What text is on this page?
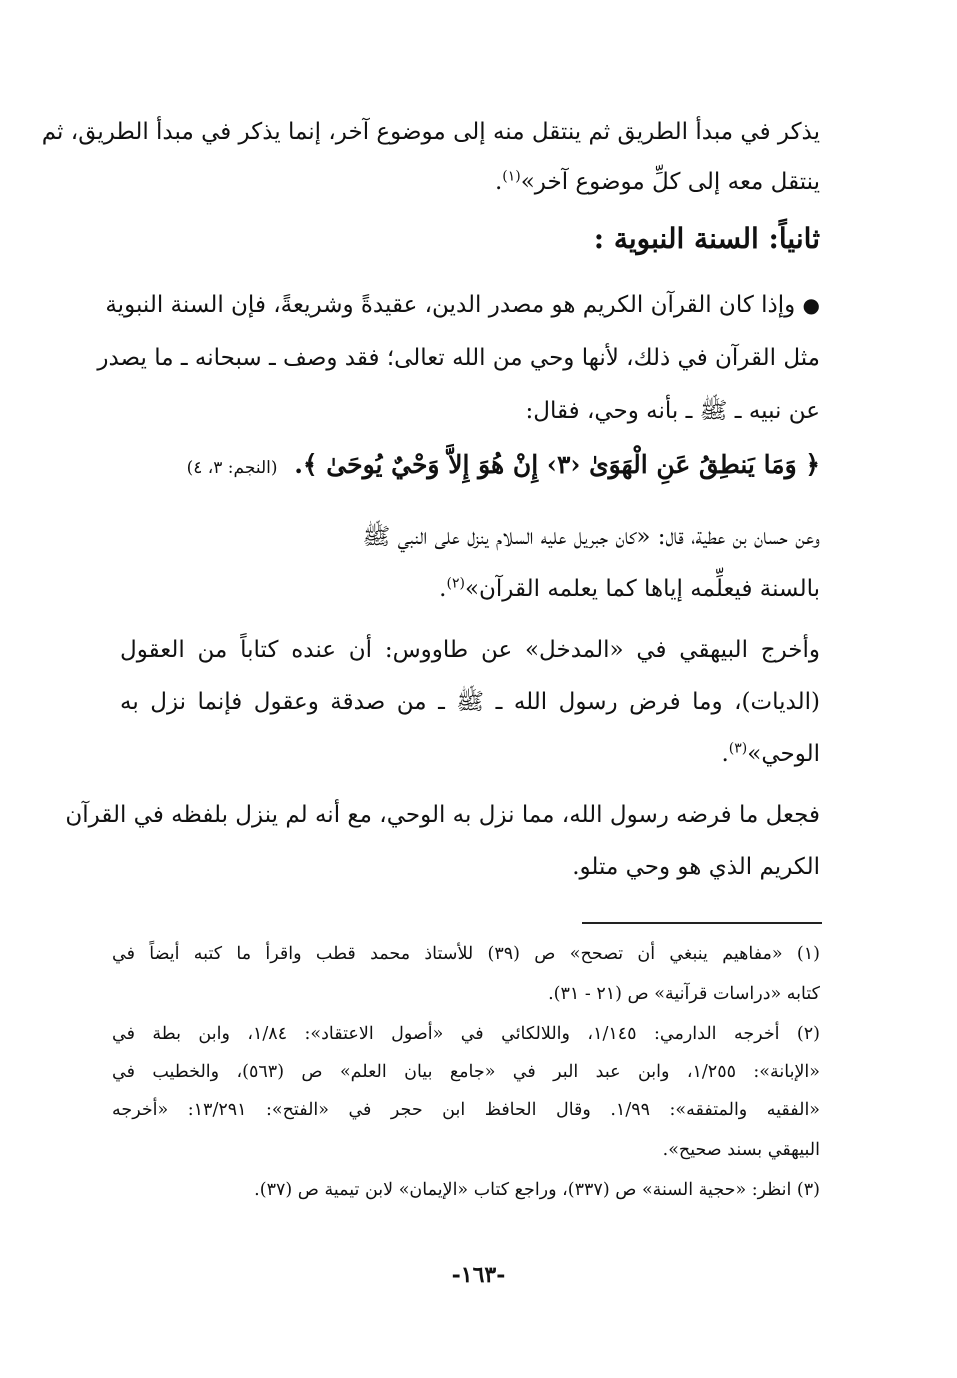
يذكر في مبدأ الطريق ثم ينتقل منه إلى موضوع آخر، إنما يذكر في مبدأ الطريق، ثم
ينتقل معه إلى كلِّ موضوع آخر»$^{(١)}$.
ثانياً: السنة النبوية :
● وإذا كان القرآن الكريم هو مصدر الدين، عقيدةً وشريعةً، فإن السنة النبوية
مثل القرآن في ذلك، لأنها وحي من الله تعالى؛ فقد وصف ـ سبحانه ـ ما يصدر
عن نبيه ـ ﷺ ـ بأنه وحي، فقال:
﴿ وَمَا يَنطِقُ عَنِ الْهَوَىٰ ‹٣› إِنْ هُوَ إِلاَّ وَحْيٌ يُوحَىٰ ﴾. (النجم: ٣، ٤)
وعن حسان بن عطية، قال: «كان جبريل عليه السلام ينزل على النبي ﷺ
بالسنة فيعلِّمه إياها كما يعلمه القرآن»$^{(٢)}$.
وأخرج البيهقي في «المدخل» عن طاووس: أن عنده كتاباً من العقول
(الديات)، وما فرض رسول الله ـ ﷺ ـ من صدقة وعقول فإنما نزل به
الوحي»$^{(٣)}$.
فجعل ما فرضه رسول الله، مما نزل به الوحي، مع أنه لم ينزل بلفظه في القرآن
الكريم الذي هو وحي متلو.
(١) «مفاهيم ينبغي أن تصحح» ص (٣٩) للأستاذ محمد قطب واقرأ ما كتبه أيضاً في
كتابه «دراسات قرآنية» ص (٢١ - ٣١).
(٢) أخرجه الدارمي: ١/١٤٥، واللالكائي في «أصول الاعتقاد»: ١/٨٤، وابن بطة في
«الإبانة»: ١/٢٥٥، وابن عبد البر في «جامع بيان العلم» ص (٥٦٣)، والخطيب في
«الفقيه والمتفقه»: ١/٩٩. وقال الحافظ ابن حجر في «الفتح»: ١٣/٢٩١: «أخرجه
البيهقي بسند صحيح».
(٣) انظر: «حجية السنة» ص (٣٣٧)، وراجع كتاب «الإيمان» لابن تيمية ص (٣٧).
-١٦٣-
